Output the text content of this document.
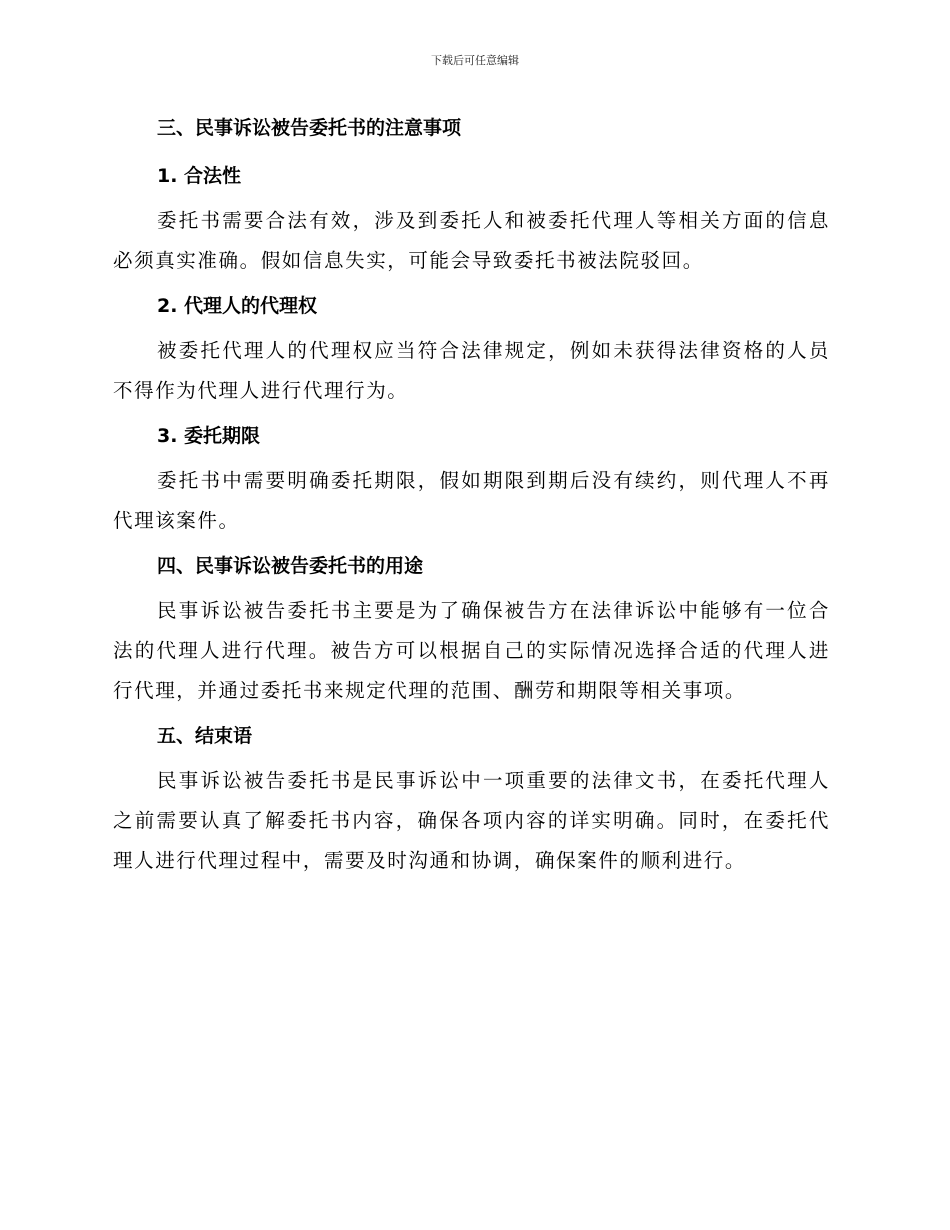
下载后可任意编辑
三、民事诉讼被告委托书的注意事项
1. 合法性

委托书需要合法有效，涉及到委托人和被委托代理人等相关方面的信息必须真实准确。假如信息失实，可能会导致委托书被法院驳回。

2. 代理人的代理权

被委托代理人的代理权应当符合法律规定，例如未获得法律资格的人员不得作为代理人进行代理行为。

3. 委托期限

委托书中需要明确委托期限，假如期限到期后没有续约，则代理人不再代理该案件。

四、民事诉讼被告委托书的用途

民事诉讼被告委托书主要是为了确保被告方在法律诉讼中能够有一位合法的代理人进行代理。被告方可以根据自己的实际情况选择合适的代理人进行代理，并通过委托书来规定代理的范围、酬劳和期限等相关事项。

五、结束语

民事诉讼被告委托书是民事诉讼中一项重要的法律文书，在委托代理人之前需要认真了解委托书内容，确保各项内容的详实明确。同时，在委托代理人进行代理过程中，需要及时沟通和协调，确保案件的顺利进行。
